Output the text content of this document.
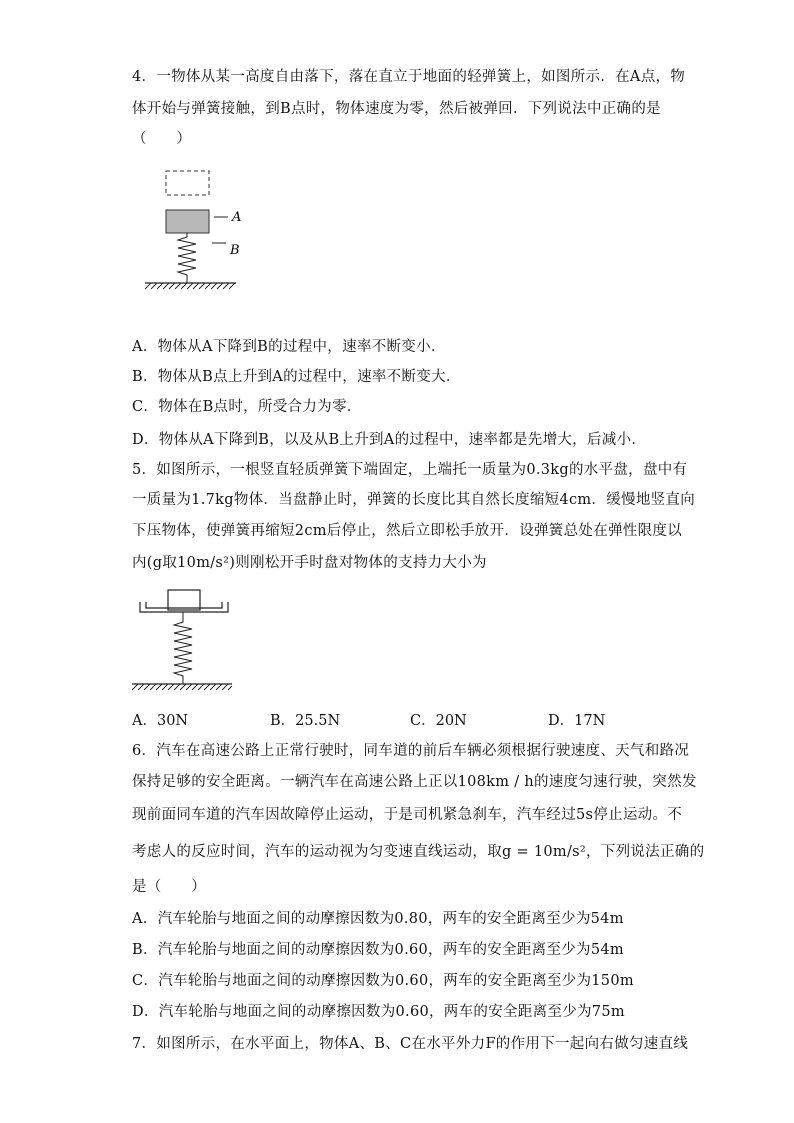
4．一物体从某一高度自由落下，落在直立于地面的轻弹簧上，如图所示．在A点，物
体开始与弹簧接触，到B点时，物体速度为零，然后被弹回．下列说法中正确的是
（　　）
A
B
A．物体从A下降到B的过程中，速率不断变小．
B．物体从B点上升到A的过程中，速率不断变大．
C．物体在B点时，所受合力为零．
D．物体从A下降到B，以及从B上升到A的过程中，速率都是先增大，后减小．
5．如图所示，一根竖直轻质弹簧下端固定，上端托一质量为0.3kg的水平盘，盘中有
一质量为1.7kg物体．当盘静止时，弹簧的长度比其自然长度缩短4cm．缓慢地竖直向
下压物体，使弹簧再缩短2cm后停止，然后立即松手放开．设弹簧总处在弹性限度以
内(g取10m/s²)则刚松开手时盘对物体的支持力大小为
A．30N	B．25.5N	C．20N	D．17N
6．汽车在高速公路上正常行驶时，同车道的前后车辆必须根据行驶速度、天气和路况
保持足够的安全距离。一辆汽车在高速公路上正以108km / h的速度匀速行驶，突然发
现前面同车道的汽车因故障停止运动，于是司机紧急刹车，汽车经过5s停止运动。不
考虑人的反应时间，汽车的运动视为匀变速直线运动，取g = 10m/s²，下列说法正确的
是（　　）
A．汽车轮胎与地面之间的动摩擦因数为0.80，两车的安全距离至少为54m
B．汽车轮胎与地面之间的动摩擦因数为0.60，两车的安全距离至少为54m
C．汽车轮胎与地面之间的动摩擦因数为0.60，两车的安全距离至少为150m
D．汽车轮胎与地面之间的动摩擦因数为0.60，两车的安全距离至少为75m
7．如图所示，在水平面上，物体A、B、C在水平外力F的作用下一起向右做匀速直线
